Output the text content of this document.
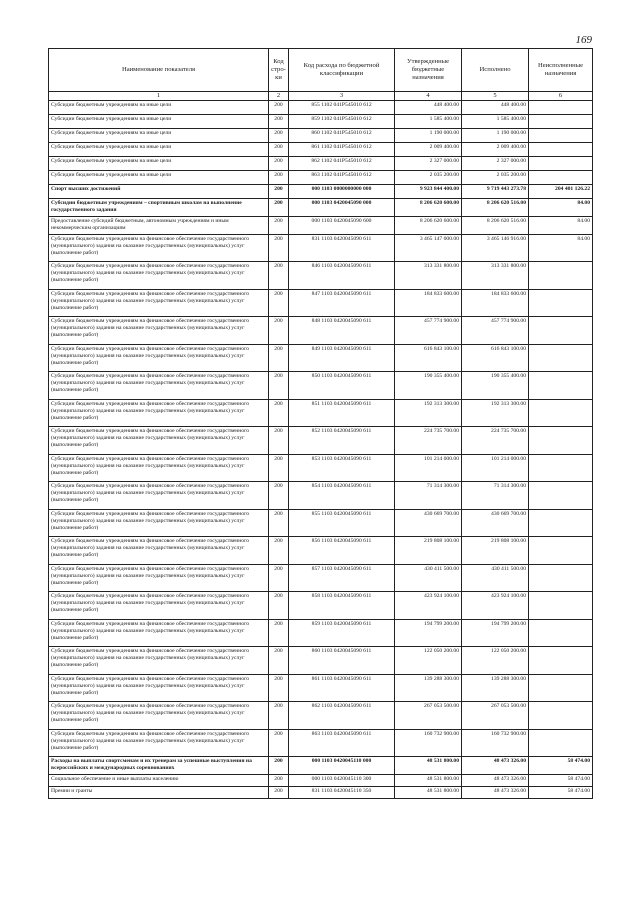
169
Наименование показателя	Код стро-ки	Код расхода по бюджетной классификации	Утвержденные бюджетные назначения	Исполнено	Неисполненные назначения
1	2	3	4	5	6
Субсидии бюджетным учреждениям на иные цели	200	855 1102 041Р545010 612	448 400.00	448 400.00	
Субсидии бюджетным учреждениям на иные цели	200	859 1102 041Р545010 612	1 585 400.00	1 585 400.00	
Субсидии бюджетным учреждениям на иные цели	200	860 1102 041Р545010 612	1 190 000.00	1 190 000.00	
Субсидии бюджетным учреждениям на иные цели	200	861 1102 041Р545010 612	2 009 400.00	2 009 400.00	
Субсидии бюджетным учреждениям на иные цели	200	862 1102 041Р545010 612	2 327 000.00	2 327 000.00	
Субсидии бюджетным учреждениям на иные цели	200	863 1102 041Р545010 612	2 035 200.00	2 035 200.00	
Спорт высших достижений	200	000 1103 0000000000 000	9 923 844 400.00	9 719 443 273.78	204 401 126.22
Субсидии бюджетным учреждениям – спортивным школам на выполнение государственного задания	200	000 1103 0420045090 000	8 206 620 600.00	8 206 620 516.00	84.00
Предоставление субсидий бюджетным, автономным учреждениям и иным некоммерческим организациям	200	000 1103 0420045090 600	8 206 620 600.00	8 206 620 516.00	84.00
Субсидии бюджетным учреждениям на финансовое обеспечение государственного (муниципального) задания на оказание государственных (муниципальных) услуг (выполнение работ)	200	831 1103 0420045090 611	3 465 147 000.00	3 465 146 916.00	84.00
Субсидии бюджетным учреждениям на финансовое обеспечение государственного (муниципального) задания на оказание государственных (муниципальных) услуг (выполнение работ)	200	846 1103 0420045090 611	313 331 800.00	313 331 800.00	
Субсидии бюджетным учреждениям на финансовое обеспечение государственного (муниципального) задания на оказание государственных (муниципальных) услуг (выполнение работ)	200	847 1103 0420045090 611	184 833 600.00	184 833 600.00	
Субсидии бюджетным учреждениям на финансовое обеспечение государственного (муниципального) задания на оказание государственных (муниципальных) услуг (выполнение работ)	200	848 1103 0420045090 611	457 774 900.00	457 774 900.00	
Субсидии бюджетным учреждениям на финансовое обеспечение государственного (муниципального) задания на оказание государственных (муниципальных) услуг (выполнение работ)	200	849 1103 0420045090 611	616 843 100.00	616 843 100.00	
Субсидии бюджетным учреждениям на финансовое обеспечение государственного (муниципального) задания на оказание государственных (муниципальных) услуг (выполнение работ)	200	850 1103 0420045090 611	190 355 400.00	190 355 400.00	
Субсидии бюджетным учреждениям на финансовое обеспечение государственного (муниципального) задания на оказание государственных (муниципальных) услуг (выполнение работ)	200	851 1103 0420045090 611	192 313 300.00	192 313 300.00	
Субсидии бюджетным учреждениям на финансовое обеспечение государственного (муниципального) задания на оказание государственных (муниципальных) услуг (выполнение работ)	200	852 1103 0420045090 611	224 735 700.00	224 735 700.00	
Субсидии бюджетным учреждениям на финансовое обеспечение государственного (муниципального) задания на оказание государственных (муниципальных) услуг (выполнение работ)	200	853 1103 0420045090 611	101 214 000.00	101 214 000.00	
Субсидии бюджетным учреждениям на финансовое обеспечение государственного (муниципального) задания на оказание государственных (муниципальных) услуг (выполнение работ)	200	854 1103 0420045090 611	71 314 300.00	71 314 300.00	
Субсидии бюджетным учреждениям на финансовое обеспечение государственного (муниципального) задания на оказание государственных (муниципальных) услуг (выполнение работ)	200	855 1103 0420045090 611	430 669 700.00	430 669 700.00	
Субсидии бюджетным учреждениям на финансовое обеспечение государственного (муниципального) задания на оказание государственных (муниципальных) услуг (выполнение работ)	200	856 1103 0420045090 611	219 808 100.00	219 808 100.00	
Субсидии бюджетным учреждениям на финансовое обеспечение государственного (муниципального) задания на оказание государственных (муниципальных) услуг (выполнение работ)	200	857 1103 0420045090 611	430 411 500.00	430 411 500.00	
Субсидии бюджетным учреждениям на финансовое обеспечение государственного (муниципального) задания на оказание государственных (муниципальных) услуг (выполнение работ)	200	858 1103 0420045090 611	423 924 100.00	423 924 100.00	
Субсидии бюджетным учреждениям на финансовое обеспечение государственного (муниципального) задания на оказание государственных (муниципальных) услуг (выполнение работ)	200	859 1103 0420045090 611	194 799 200.00	194 799 200.00	
Субсидии бюджетным учреждениям на финансовое обеспечение государственного (муниципального) задания на оказание государственных (муниципальных) услуг (выполнение работ)	200	860 1103 0420045090 611	122 050 200.00	122 050 200.00	
Субсидии бюджетным учреждениям на финансовое обеспечение государственного (муниципального) задания на оказание государственных (муниципальных) услуг (выполнение работ)	200	861 1103 0420045090 611	139 288 300.00	139 288 300.00	
Субсидии бюджетным учреждениям на финансовое обеспечение государственного (муниципального) задания на оказание государственных (муниципальных) услуг (выполнение работ)	200	862 1103 0420045090 611	267 053 500.00	267 053 500.00	
Субсидии бюджетным учреждениям на финансовое обеспечение государственного (муниципального) задания на оказание государственных (муниципальных) услуг (выполнение работ)	200	863 1103 0420045090 611	160 732 900.00	160 732 900.00	
Расходы на выплаты спортсменам и их тренерам за успешные выступления на всероссийских и международных соревнованиях	200	000 1103 0420045110 000	48 531 800.00	48 473 326.00	58 474.00
Социальное обеспечение и иные выплаты населению	200	000 1103 0420045110 300	48 531 800.00	48 473 326.00	58 474.00
Премии и гранты	200	831 1103 0420045110 350	48 531 800.00	48 473 326.00	58 474.00
